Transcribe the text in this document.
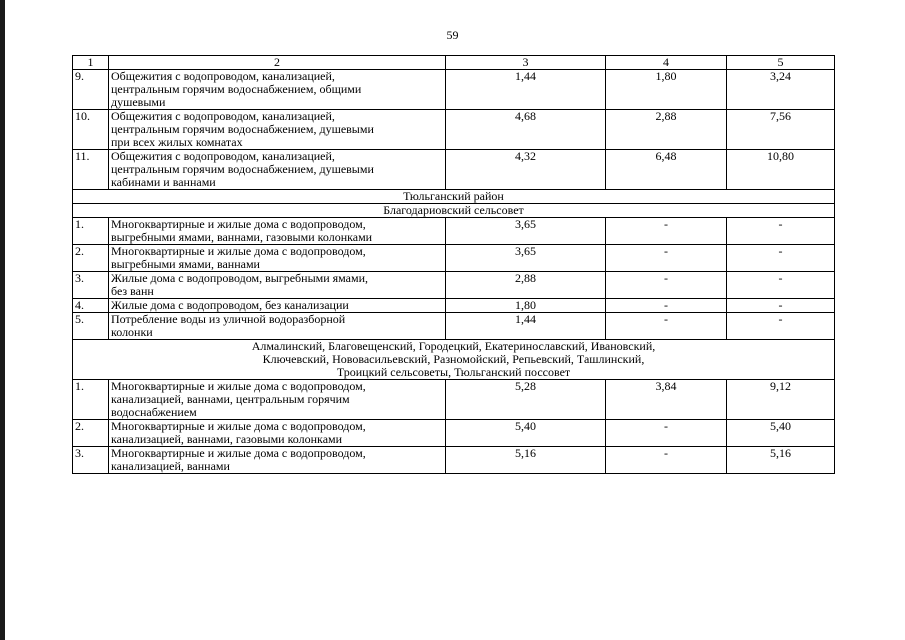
59
1	2	3	4	5
9.	Общежития с водопроводом, канализацией,
центральным горячим водоснабжением, общими
душевыми	1,44	1,80	3,24
10.	Общежития с водопроводом, канализацией,
центральным горячим водоснабжением, душевыми
при всех жилых комнатах	4,68	2,88	7,56
11.	Общежития с водопроводом, канализацией,
центральным горячим водоснабжением, душевыми
кабинами и ваннами	4,32	6,48	10,80
Тюльганский район				
Благодариовский сельсовет				
1.	Многоквартирные и жилые дома с водопроводом,
выгребными ямами, ваннами, газовыми колонками	3,65	-	-
2.	Многоквартирные и жилые дома с водопроводом,
выгребными ямами, ваннами	3,65	-	-
3.	Жилые дома с водопроводом, выгребными ямами,
без ванн	2,88	-	-
4.	Жилые дома с водопроводом, без канализации	1,80	-	-
5.	Потребление воды из уличной водоразборной
колонки	1,44	-	-

Алмалинский, Благовещенский, Городецкий, Екатеринославский, Ивановский,
Ключевский, Нововасильевский, Разномойский, Репьевский, Ташлинский,
Троицкий сельсоветы, Тюльганский поссовет				

1.	Многоквартирные и жилые дома с водопроводом,
канализацией, ваннами, центральным горячим
водоснабжением	5,28	3,84	9,12
2.	Многоквартирные и жилые дома с водопроводом,
канализацией, ваннами, газовыми колонками	5,40	-	5,40
3.	Многоквартирные и жилые дома с водопроводом,
канализацией, ваннами	5,16	-	5,16
